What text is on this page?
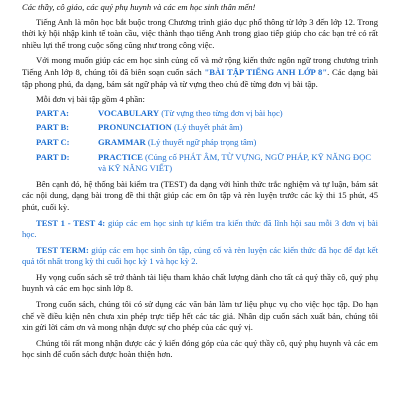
Các thầy, cô giáo, các quý phụ huynh và các em học sinh thân mến!

Tiếng Anh là môn học bắt buộc trong Chương trình giáo dục phổ thông từ lớp 3 đến lớp 12. Trong thời kỳ hội nhập kinh tế toàn cầu, việc thành thạo tiếng Anh trong giao tiếp giúp cho các bạn trẻ có rất nhiều lựi thế trong cuộc sống cũng như trong công việc.

Với mong muốn giúp các em học sinh củng cố và mở rộng kiến thức ngôn ngữ trong chương trình Tiếng Anh lớp 8, chúng tôi đã biên soạn cuốn sách "BÀI TẬP TIẾNG ANH LỚP 8". Các dạng bài tập phong phú, đa dạng, bám sát ngữ pháp và từ vựng theo chủ đề từng đơn vị bài tập.

Mỗi đơn vị bài tập gồm 4 phần:

PART A:	VOCABULARY (Từ vựng theo từng đơn vị bài học)
PART B:	PRONUNCIATION (Lý thuyết phát âm)
PART C:	GRAMMAR (Lý thuyết ngữ pháp trọng tâm)
PART D:	PRACTICE (Củng cố PHÁT ÂM, TỪ VỰNG, NGỮ PHÁP, KỸ NĂNG ĐỌC và KỸ NĂNG VIẾT)

Bên cạnh đó, hệ thống bài kiểm tra (TEST) đa dạng với hình thức trắc nghiệm và tự luận, bám sát các nội dung, dạng bài trong đề thi thật giúp các em ôn tập và rèn luyện trước các kỳ thi 15 phút, 45 phút, cuối kỳ.

TEST 1 - TEST 4: giúp các em học sinh tự kiểm tra kiến thức đã lĩnh hội sau mỗi 3 đơn vị bài học.

TEST TERM: giúp các em học sinh ôn tập, củng cố và rèn luyện các kiến thức đã học để đạt kết quả tốt nhất trong kỳ thi cuối học kỳ 1 và học kỳ 2.

Hy vọng cuốn sách sẽ trở thành tài liệu tham khảo chất lượng dành cho tất cả quý thầy cô, quý phụ huynh và các em học sinh lớp 8.

Trong cuốn sách, chúng tôi có sử dụng các văn bản làm tư liệu phục vụ cho việc học tập. Do hạn chế về điều kiện nên chưa xin phép trực tiếp hết các tác giả. Nhân dịp cuốn sách xuất bản, chúng tôi xin gửi lời cảm ơn và mong nhận được sự cho phép của các quý vị.

Chúng tôi rất mong nhận được các ý kiến đóng góp của các quý thầy cô, quý phụ huynh và các em học sinh để cuốn sách được hoàn thiện hơn.
